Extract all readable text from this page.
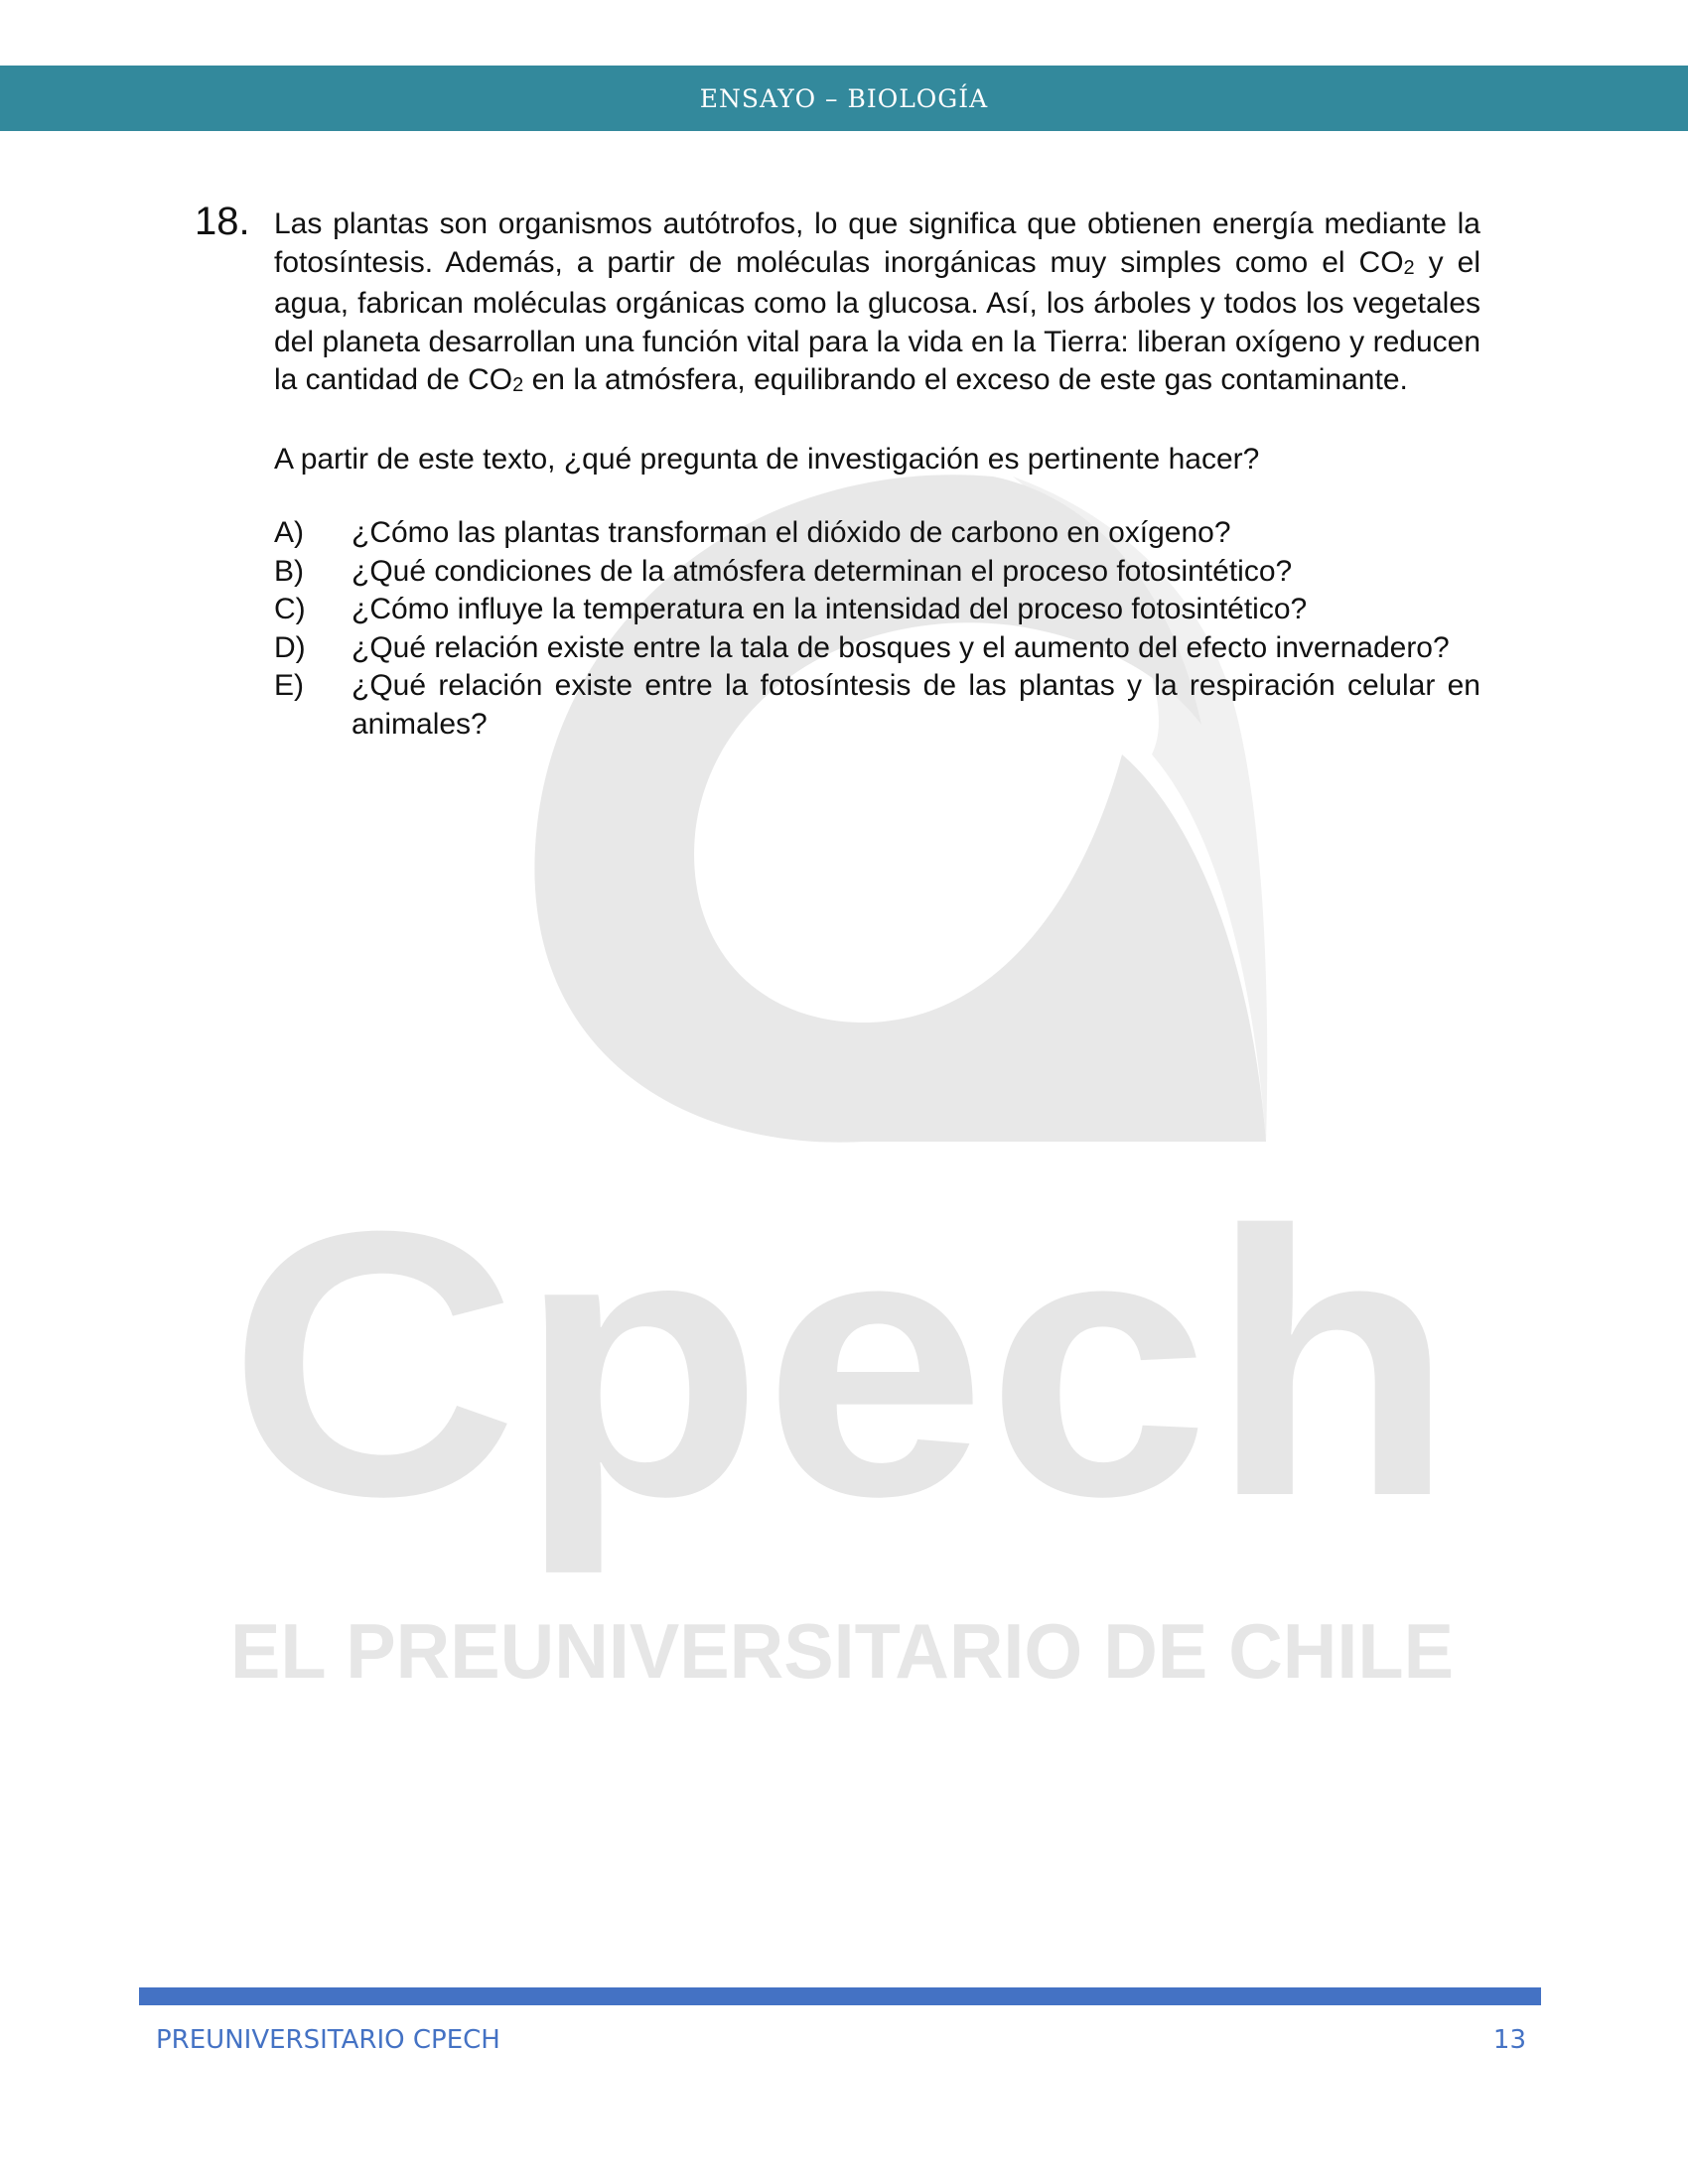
ENSAYO – BIOLOGÍA
Cpech
EL PREUNIVERSITARIO DE CHILE
18. Las plantas son organismos autótrofos, lo que significa que obtienen energía mediante la fotosíntesis. Además, a partir de moléculas inorgánicas muy simples como el $CO_2$ y el agua, fabrican moléculas orgánicas como la glucosa. Así, los árboles y todos los vegetales del planeta desarrollan una función vital para la vida en la Tierra: liberan oxígeno y reducen la cantidad de $CO_2$ en la atmósfera, equilibrando el exceso de este gas contaminante.

A partir de este texto, ¿qué pregunta de investigación es pertinente hacer?

A)	¿Cómo las plantas transforman el dióxido de carbono en oxígeno?
B)	¿Qué condiciones de la atmósfera determinan el proceso fotosintético?
C)	¿Cómo influye la temperatura en la intensidad del proceso fotosintético?
D)	¿Qué relación existe entre la tala de bosques y el aumento del efecto invernadero?
E)	¿Qué relación existe entre la fotosíntesis de las plantas y la respiración celular en animales?
PREUNIVERSITARIO CPECH	13
